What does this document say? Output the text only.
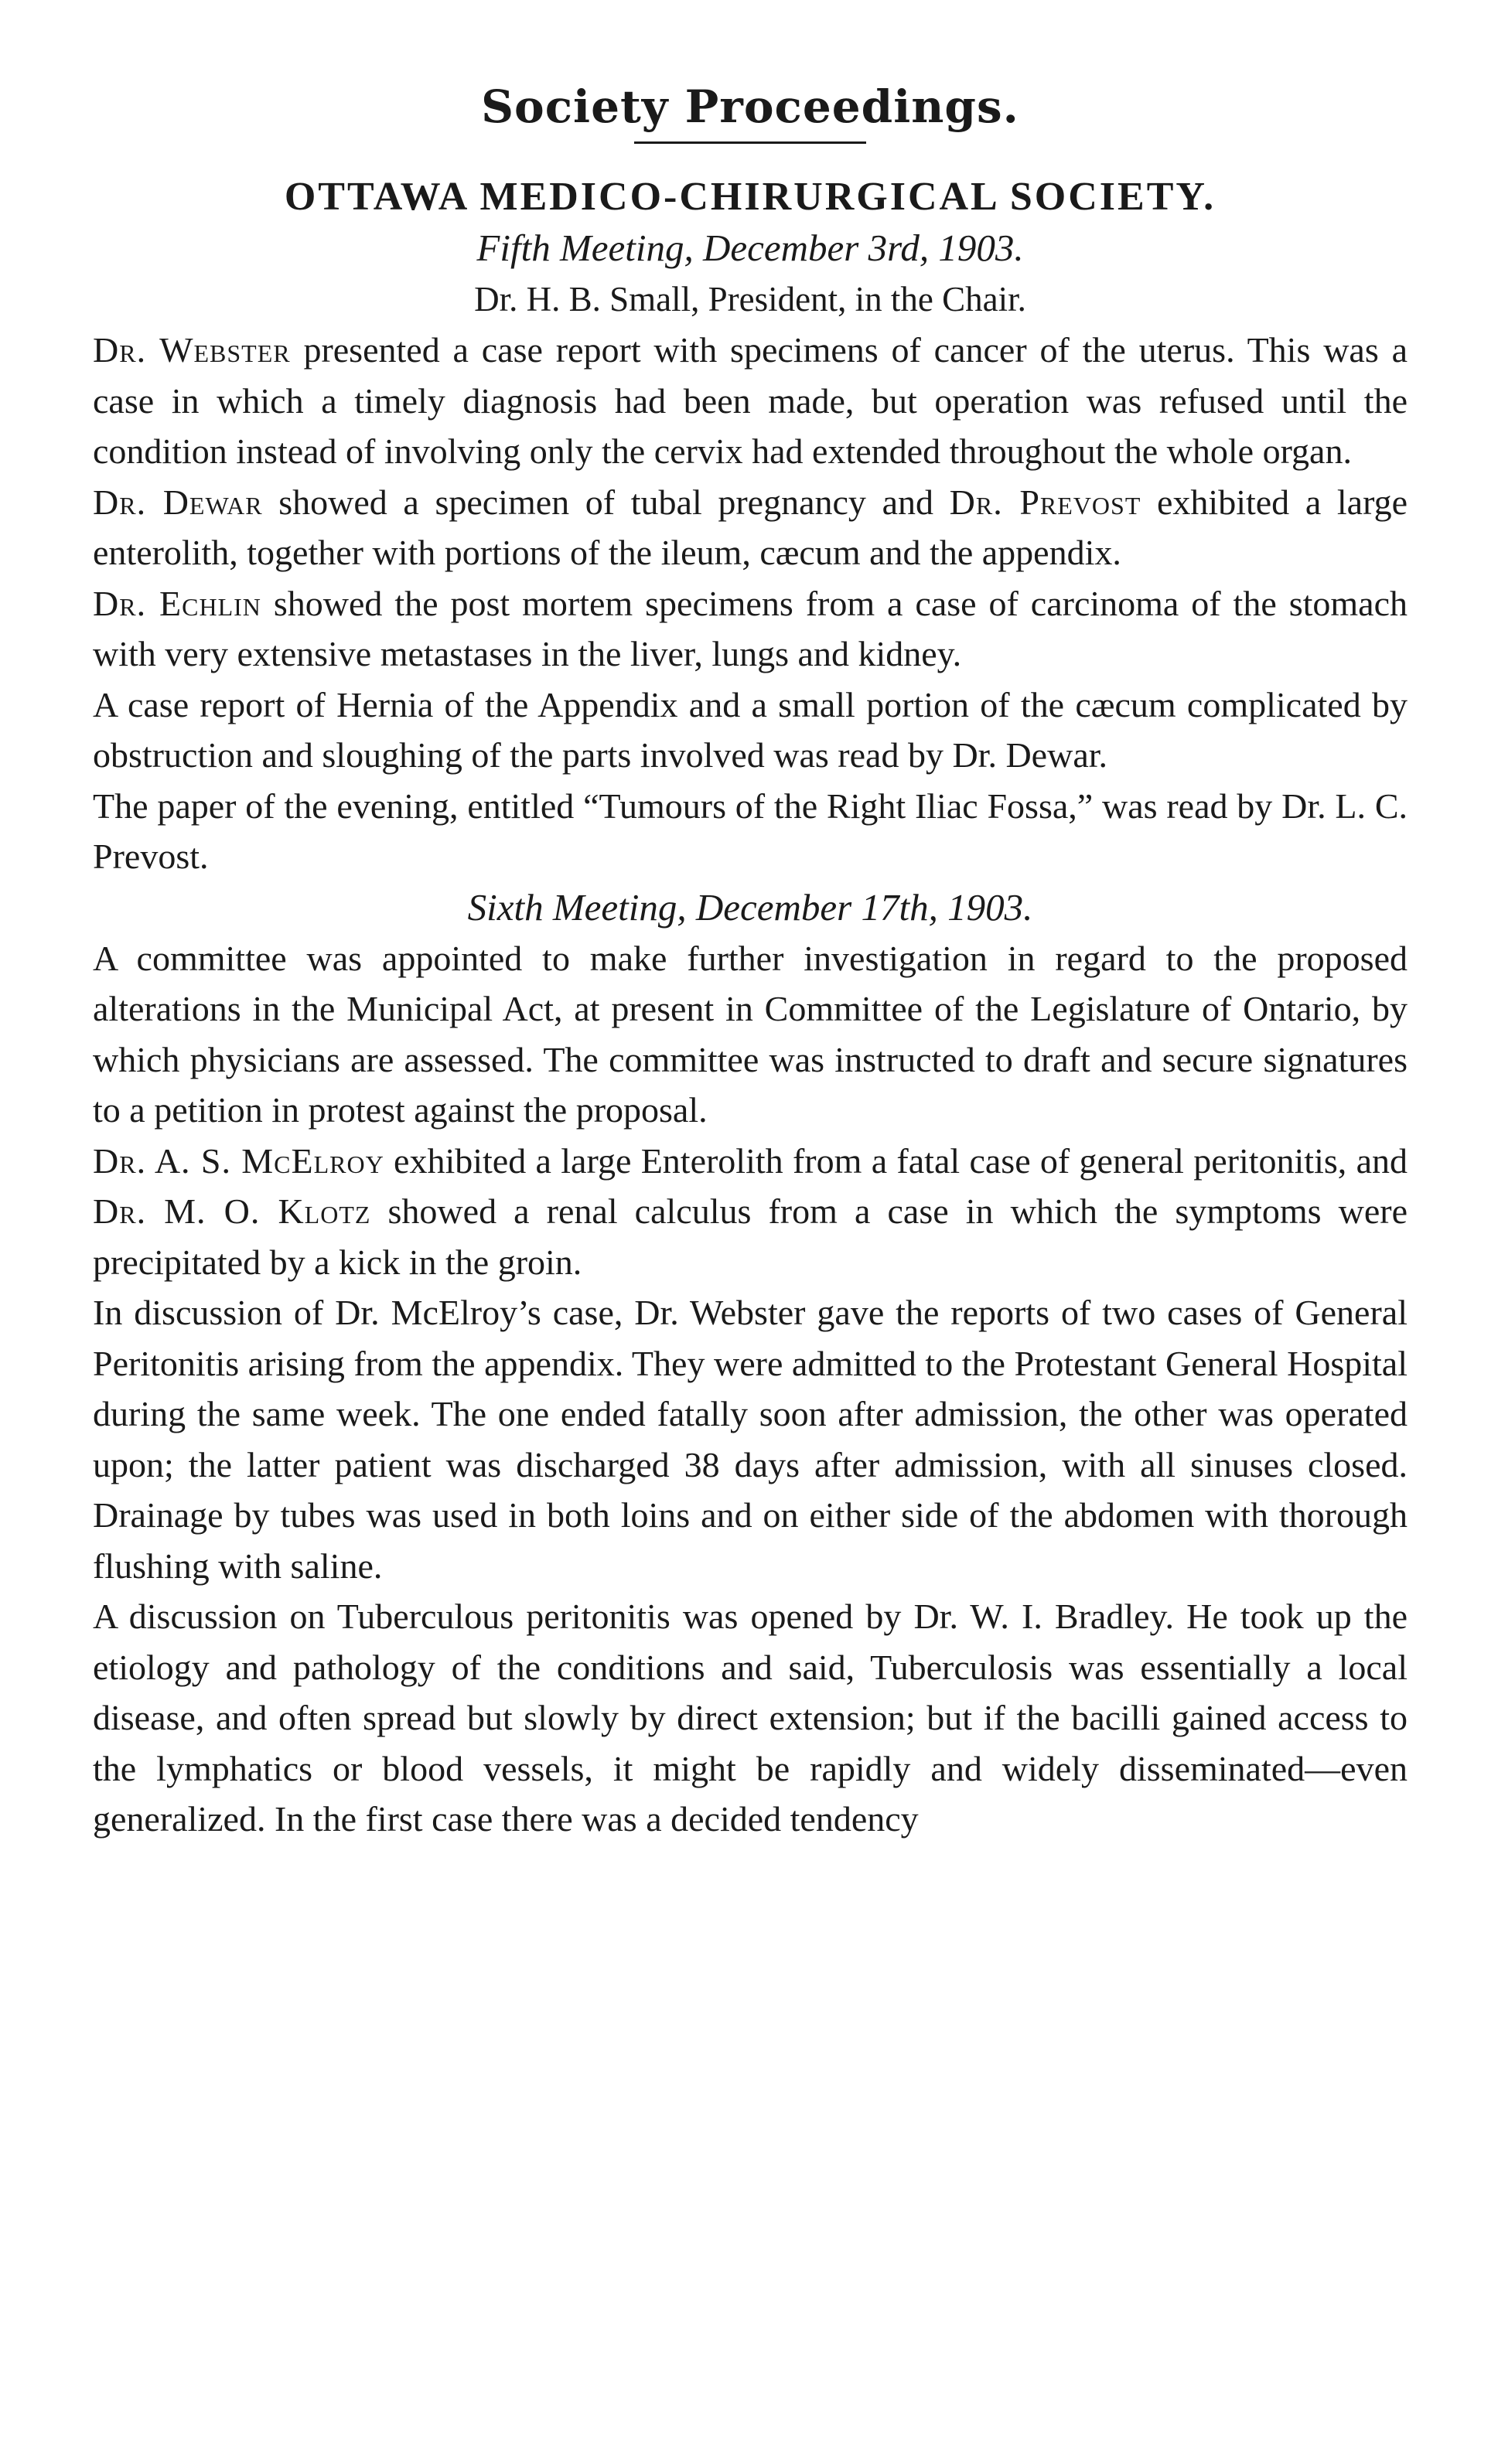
Society Proceedings.
OTTAWA MEDICO-CHIRURGICAL SOCIETY.
Fifth Meeting, December 3rd, 1903.
Dr. H. B. Small, President, in the Chair.

Dr. Webster presented a case report with specimens of cancer of the uterus. This was a case in which a timely diagnosis had been made, but operation was refused until the condition instead of involving only the cervix had extended throughout the whole organ.

Dr. Dewar showed a specimen of tubal pregnancy and Dr. Prevost exhibited a large enterolith, together with portions of the ileum, cæcum and the appendix.

Dr. Echlin showed the post mortem specimens from a case of carcinoma of the stomach with very extensive metastases in the liver, lungs and kidney.

A case report of Hernia of the Appendix and a small portion of the cæcum complicated by obstruction and sloughing of the parts involved was read by Dr. Dewar.

The paper of the evening, entitled “Tumours of the Right Iliac Fossa,” was read by Dr. L. C. Prevost.

Sixth Meeting, December 17th, 1903.

A committee was appointed to make further investigation in regard to the proposed alterations in the Municipal Act, at present in Committee of the Legislature of Ontario, by which physicians are assessed. The committee was instructed to draft and secure signatures to a petition in protest against the proposal.

Dr. A. S. McElroy exhibited a large Enterolith from a fatal case of general peritonitis, and Dr. M. O. Klotz showed a renal calculus from a case in which the symptoms were precipitated by a kick in the groin.

In discussion of Dr. McElroy’s case, Dr. Webster gave the reports of two cases of General Peritonitis arising from the appendix. They were admitted to the Protestant General Hospital during the same week. The one ended fatally soon after admission, the other was operated upon; the latter patient was discharged 38 days after admission, with all sinuses closed. Drainage by tubes was used in both loins and on either side of the abdomen with thorough flushing with saline.

A discussion on Tuberculous peritonitis was opened by Dr. W. I. Bradley. He took up the etiology and pathology of the conditions and said, Tuberculosis was essentially a local disease, and often spread but slowly by direct extension; but if the bacilli gained access to the lymphatics or blood vessels, it might be rapidly and widely disseminated—even generalized. In the first case there was a decided tendency
